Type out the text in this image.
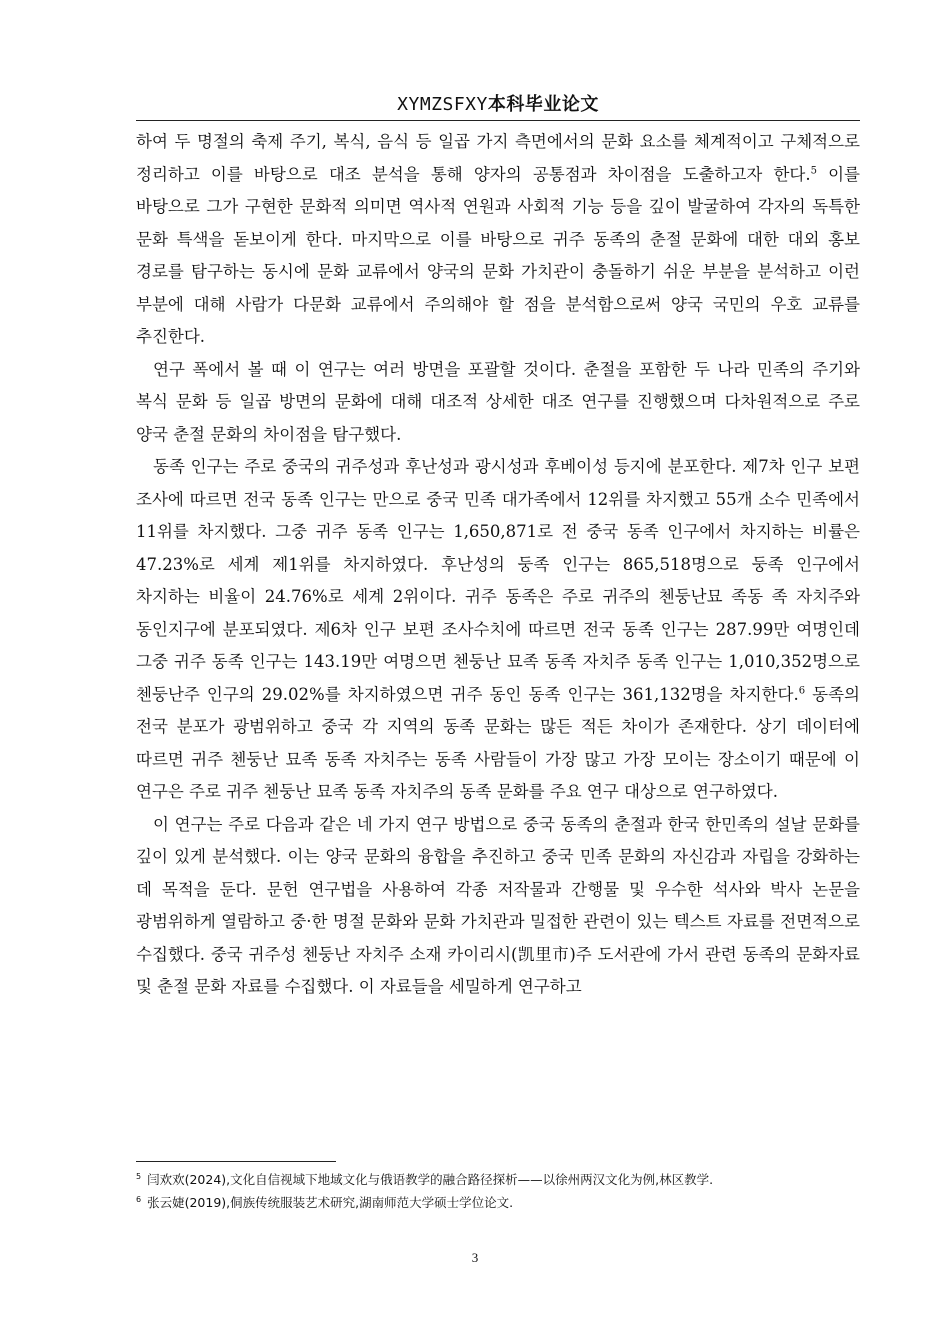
XYMZSFXY本科毕业论文

하여 두 명절의 축제 주기, 복식, 음식 등 일곱 가지 측면에서의 문화 요소를 체계적이고 구체적으로 정리하고 이를 바탕으로 대조 분석을 통해 양자의 공통점과 차이점을 도출하고자 한다.$^5$ 이를 바탕으로 그가 구현한 문화적 의미면 역사적 연원과 사회적 기능 등을 깊이 발굴하여 각자의 독특한 문화 특색을 돋보이게 한다. 마지막으로 이를 바탕으로 귀주 동족의 춘절 문화에 대한 대외 홍보 경로를 탐구하는 동시에 문화 교류에서 양국의 문화 가치관이 충돌하기 쉬운 부분을 분석하고 이런 부분에 대해 사람가 다문화 교류에서 주의해야 할 점을 분석함으로써 양국 국민의 우호 교류를 추진한다.

연구 폭에서 볼 때 이 연구는 여러 방면을 포괄할 것이다. 춘절을 포함한 두 나라 민족의 주기와 복식 문화 등 일곱 방면의 문화에 대해 대조적 상세한 대조 연구를 진행했으며 다차원적으로 주로 양국 춘절 문화의 차이점을 탐구했다.

동족 인구는 주로 중국의 귀주성과 후난성과 광시성과 후베이성 등지에 분포한다. 제7차 인구 보편 조사에 따르면 전국 동족 인구는 만으로 중국 민족 대가족에서 12위를 차지했고 55개 소수 민족에서 11위를 차지했다. 그중 귀주 동족 인구는 1,650,871로 전 중국 동족 인구에서 차지하는 비률은 47.23%로 세계 제1위를 차지하였다. 후난성의 둥족 인구는 865,518명으로 둥족 인구에서 차지하는 비율이 24.76%로 세계 2위이다. 귀주 동족은 주로 귀주의 첸둥난묘 족동 족 자치주와 동인지구에 분포되였다. 제6차 인구 보편 조사수치에 따르면 전국 동족 인구는 287.99만 여명인데 그중 귀주 동족 인구는 143.19만 여명으면 첸둥난 묘족 동족 자치주 동족 인구는 1,010,352명으로 첸둥난주 인구의 29.02%를 차지하였으면 귀주 동인 동족 인구는 361,132명을 차지한다.$^6$ 동족의 전국 분포가 광범위하고 중국 각 지역의 동족 문화는 많든 적든 차이가 존재한다. 상기 데이터에 따르면 귀주 첸둥난 묘족 동족 자치주는 동족 사람들이 가장 많고 가장 모이는 장소이기 때문에 이 연구은 주로 귀주 첸둥난 묘족 동족 자치주의 동족 문화를 주요 연구 대상으로 연구하였다.

이 연구는 주로 다음과 같은 네 가지 연구 방법으로 중국 동족의 춘절과 한국 한민족의 설날 문화를 깊이 있게 분석했다. 이는 양국 문화의 융합을 추진하고 중국 민족 문화의 자신감과 자립을 강화하는 데 목적을 둔다. 문헌 연구법을 사용하여 각종 저작물과 간행물 및 우수한 석사와 박사 논문을 광범위하게 열람하고 중·한 명절 문화와 문화 가치관과 밀접한 관련이 있는 텍스트 자료를 전면적으로 수집했다. 중국 귀주성 첸둥난 자치주 소재 카이리시(凯里市)주 도서관에 가서 관련 동족의 문화자료 및 춘절 문화 자료를 수집했다. 이 자료들을 세밀하게 연구하고

$^5$ 闫欢欢(2024),文化自信视域下地域文化与俄语教学的融合路径探析——以徐州两汉文化为例,林区教学.
$^6$ 张云婕(2019),侗族传统服装艺术研究,湖南师范大学硕士学位论文.
3
